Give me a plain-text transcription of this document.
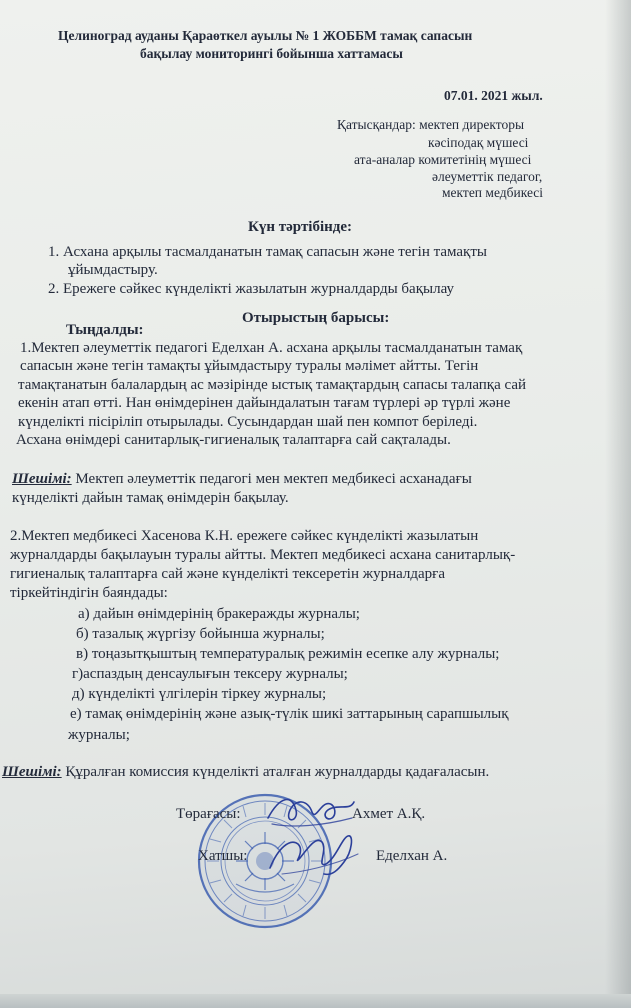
Целиноград ауданы Қараөткел ауылы № 1 ЖОББМ тамақ сапасын
бақылау мониторингі бойынша хаттамасы
07.01. 2021 жыл.
Қатысқандар: мектеп директоры
кәсіподақ мүшесі
ата-аналар комитетінің мүшесі
әлеуметтік педагог,
мектеп медбикесі
Күн тәртібінде:
1. Асхана арқылы тасмалданатын тамақ сапасын және тегін тамақты
ұйымдастыру.
2. Ережеге сәйкес күнделікті жазылатын журналдарды бақылау
Отырыстың барысы:
Тыңдалды:
1.Мектеп әлеуметтік педагогі Еделхан А. асхана арқылы тасмалданатын тамақ
сапасын және тегін тамақты ұйымдастыру туралы мәлімет айтты. Тегін
тамақтанатын балалардың ас мәзірінде ыстық тамақтардың сапасы талапқа сай
екенін атап өтті. Нан өнімдерінен дайындалатын тағам түрлері әр түрлі және
күнделікті пісіріліп отырылады. Сусындардан шай пен компот беріледі.
Асхана өнімдері санитарлық-гигиеналық талаптарға сай сақталады.
Шешімі: Мектеп әлеуметтік педагогі мен мектеп медбикесі асханадағы
күнделікті дайын тамақ өнімдерін бақылау.
2.Мектеп медбикесі Хасенова К.Н. ережеге сәйкес күнделікті жазылатын
журналдарды бақылауын туралы айтты. Мектеп медбикесі асхана санитарлық-
гигиеналық талаптарға сай және күнделікті тексеретін журналдарға
тіркейтіндігін баяндады:
а) дайын өнімдерінің бракеражды журналы;
б) тазалық жүргізу бойынша журналы;
в) тоңазытқыштың температуралық режимін есепке алу журналы;
г)аспаздың денсаулығын тексеру журналы;
д) күнделікті үлгілерін тіркеу журналы;
е) тамақ өнімдерінің және азық-түлік шикі заттарының сарапшылық
журналы;
Шешімі: Құралған комиссия күнделікті аталған журналдарды қадағаласын.
Төрағасы:	Ахмет А.Қ.
Хатшы:	Еделхан А.
